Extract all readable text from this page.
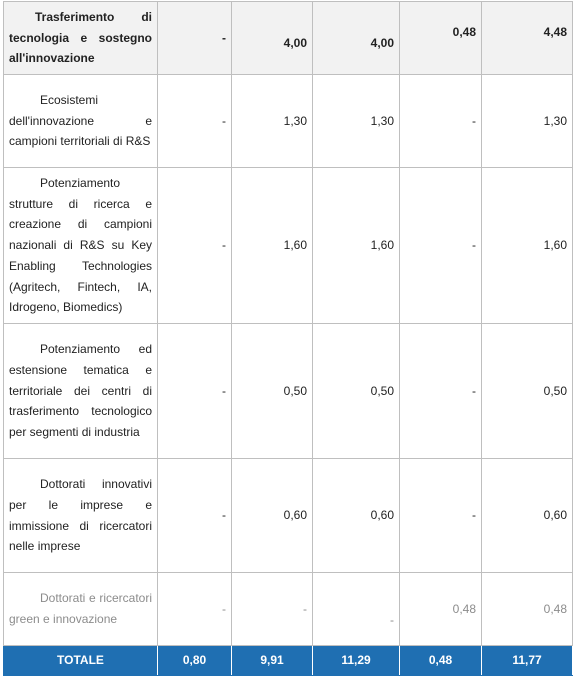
Trasferimento di tecnologia e sostegno all'innovazione	-	4,00	4,00	0,48	4,48
Ecosistemi dell'innovazione e campioni territoriali di R&S	-	1,30	1,30	-	1,30
Potenziamento strutture di ricerca e creazione di campioni nazionali di R&S su Key Enabling Technologies (Agritech, Fintech, IA, Idrogeno, Biomedics)	-	1,60	1,60	-	1,60
Potenziamento ed estensione tematica e territoriale dei centri di trasferimento tecnologico per segmenti di industria	-	0,50	0,50	-	0,50
Dottorati innovativi per le imprese e immissione di ricercatori nelle imprese	-	0,60	0,60	-	0,60
Dottorati e ricercatori green e innovazione	-	-	-	0,48	0,48
TOTALE	0,80	9,91	11,29	0,48	11,77
